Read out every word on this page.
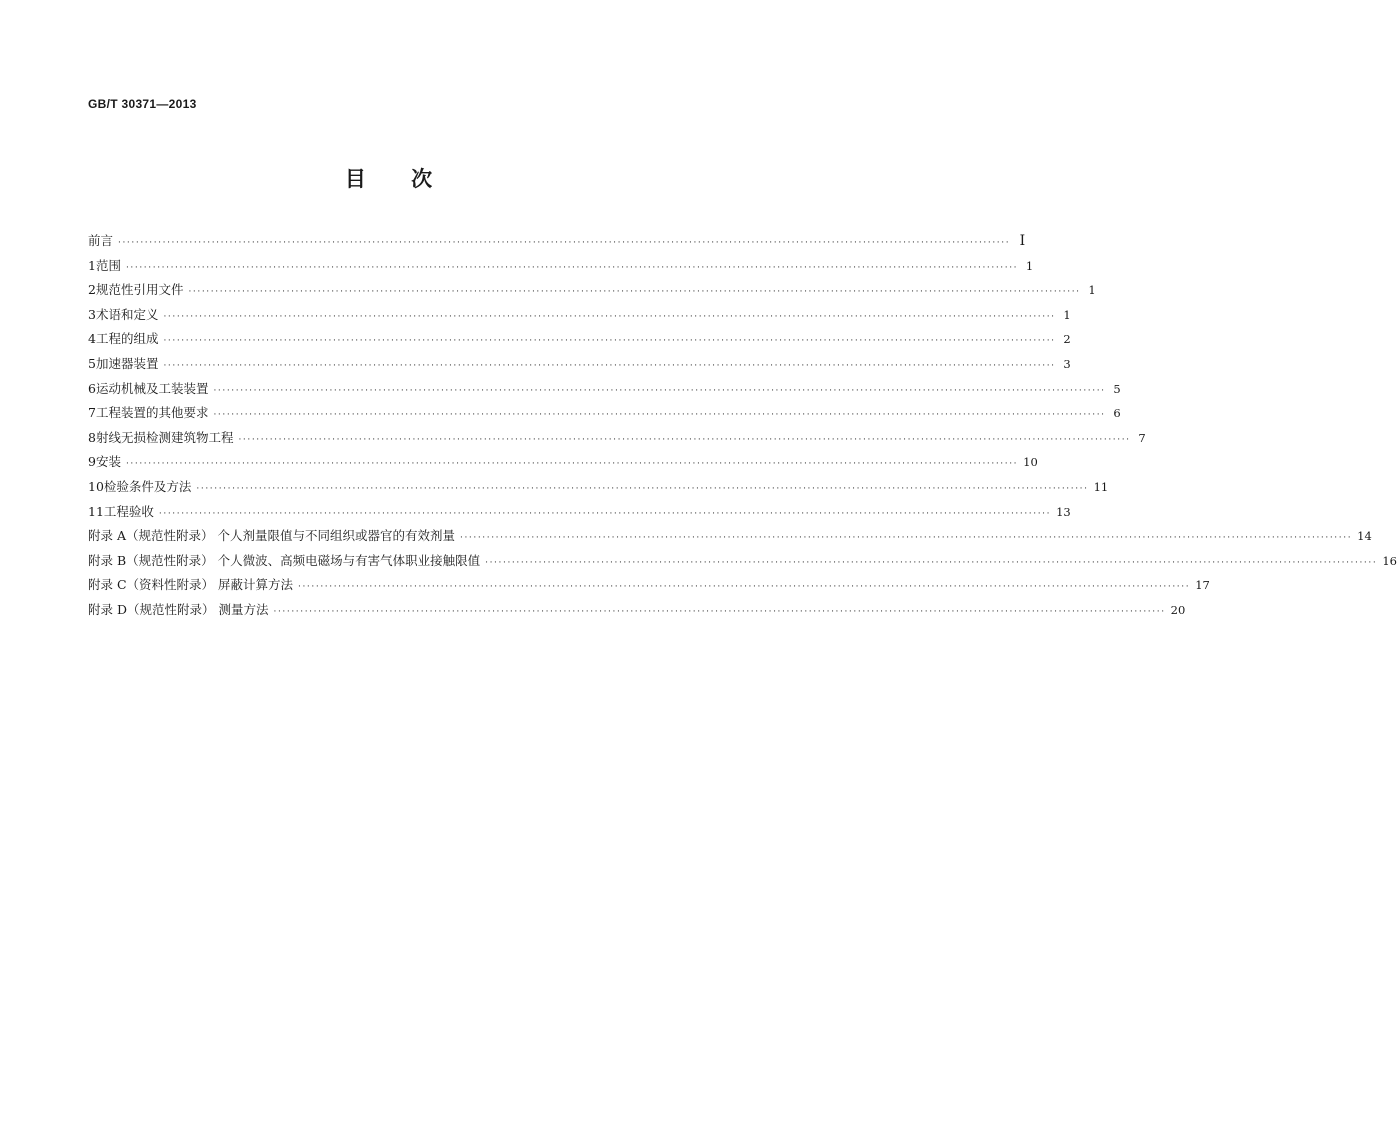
GB/T 30371—2013
目 次
前言 ········································································································································································································ I
1 范围 ········································································································································································································ 1
2 规范性引用文件 ········································································································································································································ 1
3 术语和定义 ········································································································································································································ 1
4 工程的组成 ········································································································································································································ 2
5 加速器装置 ········································································································································································································ 3
6 运动机械及工装装置 ········································································································································································································ 5
7 工程装置的其他要求 ········································································································································································································ 6
8 射线无损检测建筑物工程 ········································································································································································································ 7
9 安装 ········································································································································································································ 10
10 检验条件及方法 ········································································································································································································ 11
11 工程验收 ········································································································································································································ 13
附录 A（规范性附录） 个人剂量限值与不同组织或器官的有效剂量 ········································································································································································································ 14
附录 B（规范性附录） 个人微波、高频电磁场与有害气体职业接触限值 ········································································································································································································ 16
附录 C（资料性附录） 屏蔽计算方法 ········································································································································································································ 17
附录 D（规范性附录） 测量方法 ········································································································································································································ 20
